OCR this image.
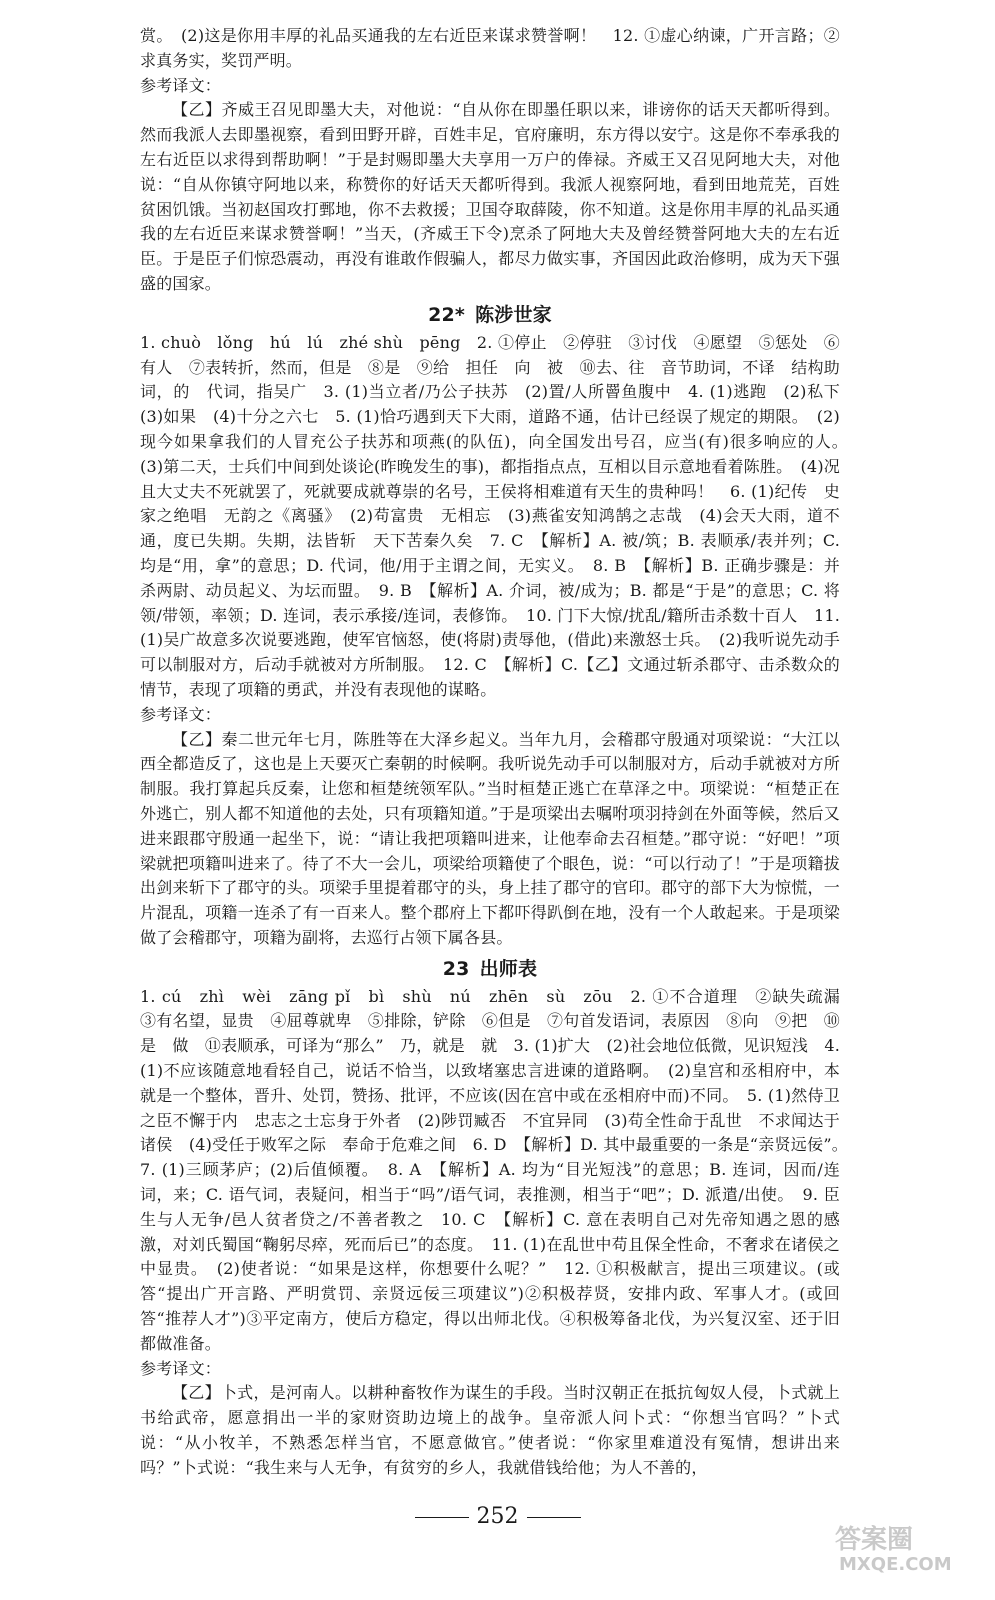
赏。　(2)这是你用丰厚的礼品买通我的左右近臣来谋求赞誉啊！　12. ①虚心纳谏，广开言路；②求真务实，奖罚严明。

参考译文：

【乙】齐威王召见即墨大夫，对他说：“自从你在即墨任职以来，诽谤你的话天天都听得到。然而我派人去即墨视察，看到田野开辟，百姓丰足，官府廉明，东方得以安宁。这是你不奉承我的左右近臣以求得到帮助啊！”于是封赐即墨大夫享用一万户的俸禄。齐威王又召见阿地大夫，对他说：“自从你镇守阿地以来，称赞你的好话天天都听得到。我派人视察阿地，看到田地荒芜，百姓贫困饥饿。当初赵国攻打鄄地，你不去救援；卫国夺取薛陵，你不知道。这是你用丰厚的礼品买通我的左右近臣来谋求赞誉啊！”当天，(齐威王下令)烹杀了阿地大夫及曾经赞誉阿地大夫的左右近臣。于是臣子们惊恐震动，再没有谁敢作假骗人，都尽力做实事，齐国因此政治修明，成为天下强盛的国家。

22* 陈涉世家

1. chuò　lǒng　hú　lú　zhé shù　pēng　2. ①停止　②停驻　③讨伐　④愿望　⑤惩处　⑥有人　⑦表转折，然而，但是　⑧是　⑨给　担任　向　被　⑩去、往　音节助词，不译　结构助词，的　代词，指吴广　3. (1)当立者/乃公子扶苏　(2)置/人所罾鱼腹中　4. (1)逃跑　(2)私下　(3)如果　(4)十分之六七　5. (1)恰巧遇到天下大雨，道路不通，估计已经误了规定的期限。　(2)现今如果拿我们的人冒充公子扶苏和项燕(的队伍)，向全国发出号召，应当(有)很多响应的人。　(3)第二天，士兵们中间到处谈论(昨晚发生的事)，都指指点点，互相以目示意地看着陈胜。　(4)况且大丈夫不死就罢了，死就要成就尊崇的名号，王侯将相难道有天生的贵种吗！　6. (1)纪传　史家之绝唱　无韵之《离骚》　(2)苟富贵　无相忘　(3)燕雀安知鸿鹄之志哉　(4)会天大雨，道不通，度已失期。失期，法皆斩　天下苦秦久矣　7. C　【解析】A. 被/筑；B. 表顺承/表并列；C. 均是“用，拿”的意思；D. 代词，他/用于主谓之间，无实义。　8. B　【解析】B. 正确步骤是：并杀两尉、动员起义、为坛而盟。　9. B　【解析】A. 介词，被/成为；B. 都是“于是”的意思；C. 将领/带领，率领；D. 连词，表示承接/连词，表修饰。　10. 门下大惊/扰乱/籍所击杀数十百人　11. (1)吴广故意多次说要逃跑，使军官恼怒，使(将尉)责辱他，(借此)来激怒士兵。　(2)我听说先动手可以制服对方，后动手就被对方所制服。　12. C　【解析】C.【乙】文通过斩杀郡守、击杀数众的情节，表现了项籍的勇武，并没有表现他的谋略。

参考译文：

【乙】秦二世元年七月，陈胜等在大泽乡起义。当年九月，会稽郡守殷通对项梁说：“大江以西全都造反了，这也是上天要灭亡秦朝的时候啊。我听说先动手可以制服对方，后动手就被对方所制服。我打算起兵反秦，让您和桓楚统领军队。”当时桓楚正逃亡在草泽之中。项梁说：“桓楚正在外逃亡，别人都不知道他的去处，只有项籍知道。”于是项梁出去嘱咐项羽持剑在外面等候，然后又进来跟郡守殷通一起坐下，说：“请让我把项籍叫进来，让他奉命去召桓楚。”郡守说：“好吧！”项梁就把项籍叫进来了。待了不大一会儿，项梁给项籍使了个眼色，说：“可以行动了！”于是项籍拔出剑来斩下了郡守的头。项梁手里提着郡守的头，身上挂了郡守的官印。郡守的部下大为惊慌，一片混乱，项籍一连杀了有一百来人。整个郡府上下都吓得趴倒在地，没有一个人敢起来。于是项梁做了会稽郡守，项籍为副将，去巡行占领下属各县。

23 出师表

1. cú　zhì　wèi　zāng pǐ　bì　shù　nú　zhēn　sù　zōu　2. ①不合道理　②缺失疏漏　③有名望，显贵　④屈尊就卑　⑤排除，铲除　⑥但是　⑦句首发语词，表原因　⑧向　⑨把　⑩是　做　⑪表顺承，可译为“那么”　乃，就是　就　3. (1)扩大　(2)社会地位低微，见识短浅　4. (1)不应该随意地看轻自己，说话不恰当，以致堵塞忠言进谏的道路啊。　(2)皇宫和丞相府中，本就是一个整体，晋升、处罚，赞扬、批评，不应该(因在宫中或在丞相府中而)不同。　5. (1)然侍卫之臣不懈于内　忠志之士忘身于外者　(2)陟罚臧否　不宜异同　(3)苟全性命于乱世　不求闻达于诸侯　(4)受任于败军之际　奉命于危难之间　6. D　【解析】D. 其中最重要的一条是“亲贤远佞”。　7. (1)三顾茅庐；(2)后值倾覆。　8. A　【解析】A. 均为“目光短浅”的意思；B. 连词，因而/连词，来；C. 语气词，表疑问，相当于“吗”/语气词，表推测，相当于“吧”；D. 派遣/出使。　9. 臣生与人无争/邑人贫者贷之/不善者教之　10. C　【解析】C. 意在表明自己对先帝知遇之恩的感激，对刘氏蜀国“鞠躬尽瘁，死而后已”的态度。　11. (1)在乱世中苟且保全性命，不奢求在诸侯之中显贵。　(2)使者说：“如果是这样，你想要什么呢？”　12. ①积极献言，提出三项建议。(或答“提出广开言路、严明赏罚、亲贤远佞三项建议”)②积极荐贤，安排内政、军事人才。(或回答“推荐人才”)③平定南方，使后方稳定，得以出师北伐。④积极筹备北伐，为兴复汉室、还于旧都做准备。

参考译文：

【乙】卜式，是河南人。以耕种畜牧作为谋生的手段。当时汉朝正在抵抗匈奴人侵，卜式就上书给武帝，愿意捐出一半的家财资助边境上的战争。皇帝派人问卜式：“你想当官吗？”卜式说：“从小牧羊，不熟悉怎样当官，不愿意做官。”使者说：“你家里难道没有冤情，想讲出来吗？”卜式说：“我生来与人无争，有贫穷的乡人，我就借钱给他；为人不善的，

252
答案圈
MXQE.COM
